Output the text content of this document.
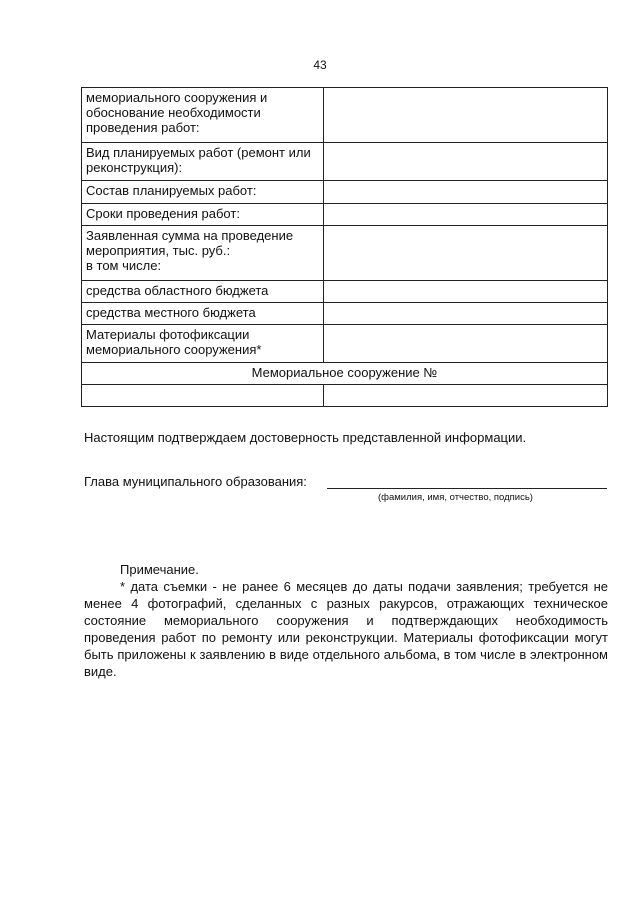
43
мемориального сооружения и обоснование необходимости проведения работ:	
Вид планируемых работ (ремонт или реконструкция):	
Состав планируемых работ:	
Сроки проведения работ:	

Заявленная сумма на проведение мероприятия, тыс. руб.:
в том числе:	

средства областного бюджета	
средства местного бюджета	
Материалы фотофиксации мемориального сооружения*	
Мемориальное сооружение №	

Настоящим подтверждаем достоверность представленной информации.
Глава муниципального образования:
(фамилия, имя, отчество, подпись)
Примечание.

* дата съемки - не ранее 6 месяцев до даты подачи заявления; требуется не менее 4 фотографий, сделанных с разных ракурсов, отражающих техническое состояние мемориального сооружения и подтверждающих необходимость проведения работ по ремонту или реконструкции. Материалы фотофиксации могут быть приложены к заявлению в виде отдельного альбома, в том числе в электронном виде.
